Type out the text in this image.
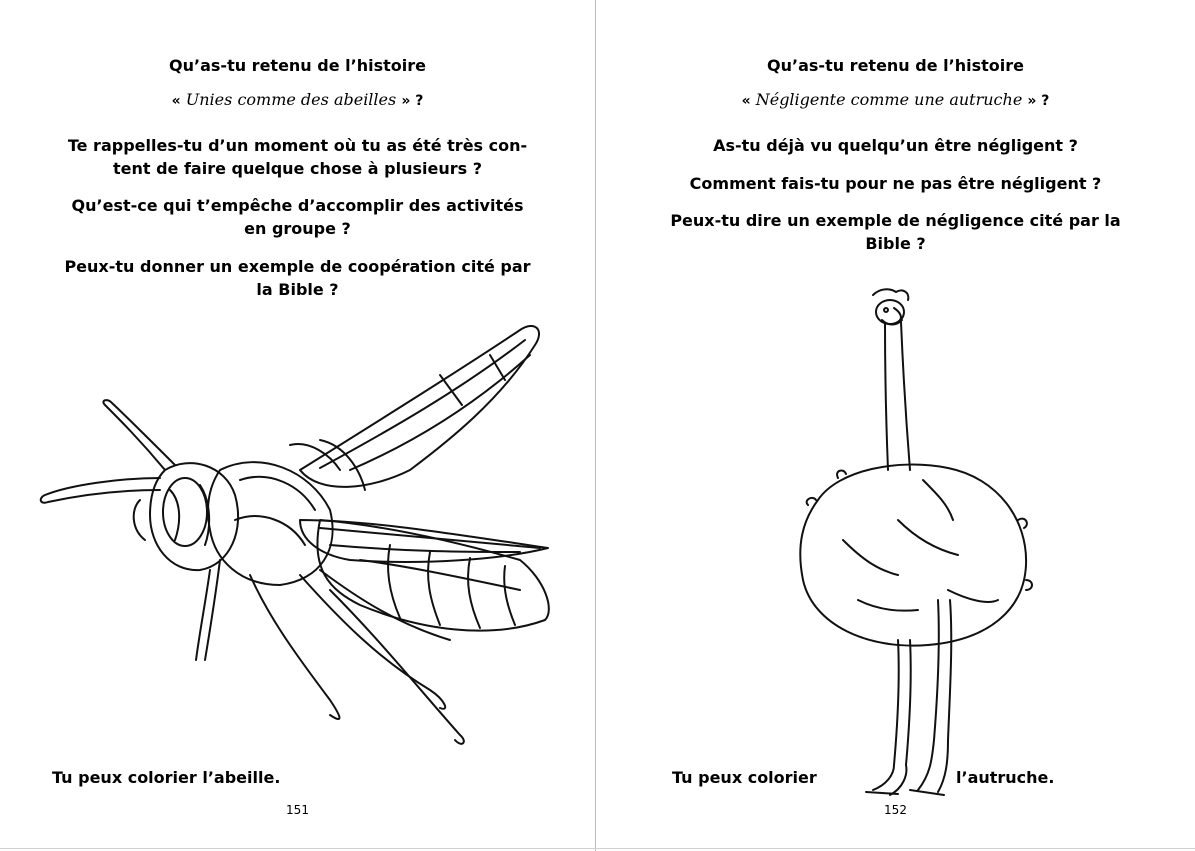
Qu’as-tu retenu de l’histoire
« Unies comme des abeilles » ?
Te rappelles-tu d’un moment où tu as été très con-
tent de faire quelque chose à plusieurs ?
Qu’est-ce qui t’empêche d’accomplir des activités
en groupe ?
Peux-tu donner un exemple de coopération cité par
la Bible ?
Tu peux colorier l’abeille.
151
Qu’as-tu retenu de l’histoire
« Négligente comme une autruche » ?
As-tu déjà vu quelqu’un être négligent ?
Comment fais-tu pour ne pas être négligent ?
Peux-tu dire un exemple de négligence cité par la
Bible ?
Tu peux colorier	l’autruche.
152
